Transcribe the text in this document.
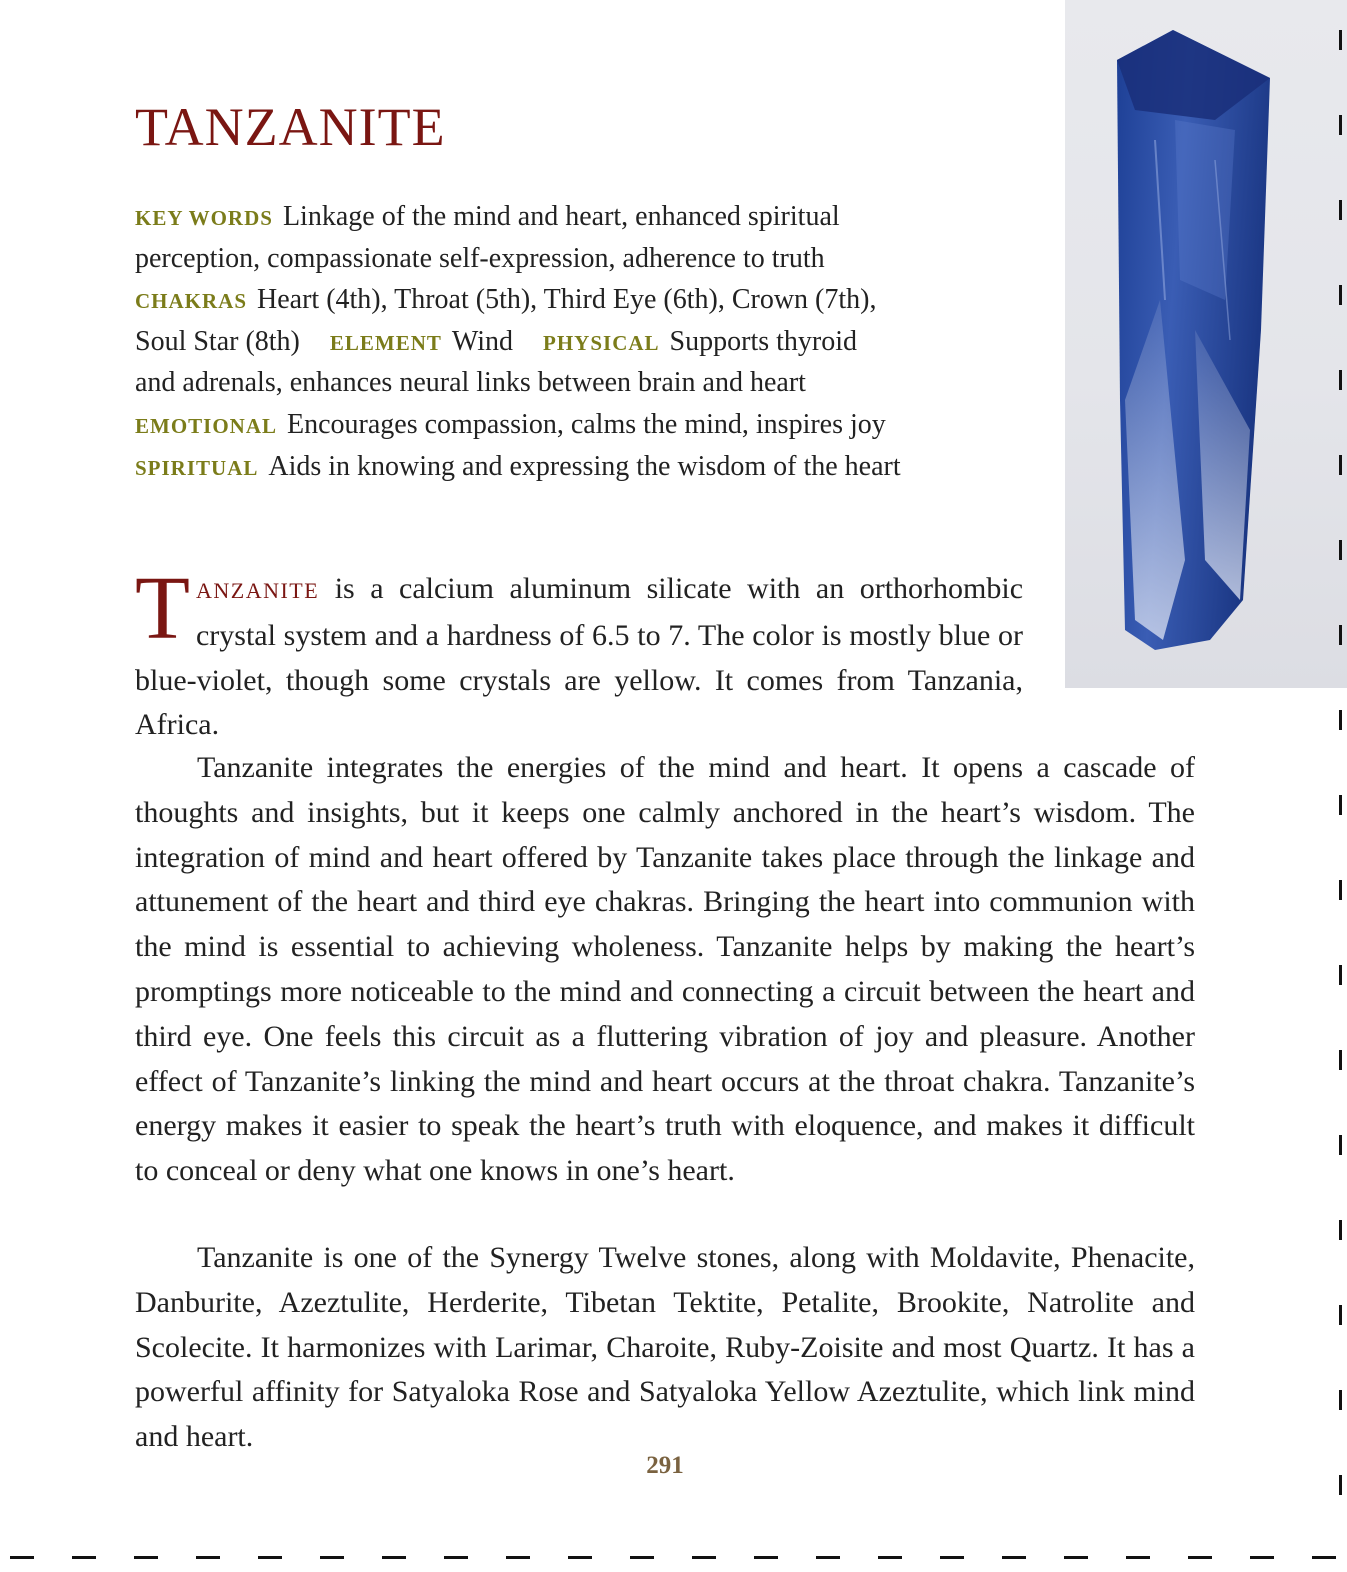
TANZANITE
KEY WORDS Linkage of the mind and heart, enhanced spiritual
perception, compassionate self-expression, adherence to truth
CHAKRAS Heart (4th), Throat (5th), Third Eye (6th), Crown (7th),
Soul Star (8th) ELEMENT Wind PHYSICAL Supports thyroid
and adrenals, enhances neural links between brain and heart
EMOTIONAL Encourages compassion, calms the mind, inspires joy
SPIRITUAL Aids in knowing and expressing the wisdom of the heart

TANZANITE is a calcium aluminum silicate with an orthorhombic crystal system and a hardness of 6.5 to 7. The color is mostly blue or blue-violet, though some crystals are yellow. It comes from Tanzania, Africa.

Tanzanite integrates the energies of the mind and heart. It opens a cascade of thoughts and insights, but it keeps one calmly anchored in the heart’s wisdom. The integration of mind and heart offered by Tanzanite takes place through the linkage and attunement of the heart and third eye chakras. Bringing the heart into communion with the mind is essential to achieving wholeness. Tanzanite helps by making the heart’s promptings more noticeable to the mind and connecting a circuit between the heart and third eye. One feels this circuit as a fluttering vibration of joy and pleasure. Another effect of Tanzanite’s linking the mind and heart occurs at the throat chakra. Tanzanite’s energy makes it easier to speak the heart’s truth with eloquence, and makes it difficult to conceal or deny what one knows in one’s heart.

Tanzanite is one of the Synergy Twelve stones, along with Moldavite, Phenacite, Danburite, Azeztulite, Herderite, Tibetan Tektite, Petalite, Brookite, Natrolite and Scolecite. It harmonizes with Larimar, Charoite, Ruby-Zoisite and most Quartz. It has a powerful affinity for Satyaloka Rose and Satyaloka Yellow Azeztulite, which link mind and heart.

291
